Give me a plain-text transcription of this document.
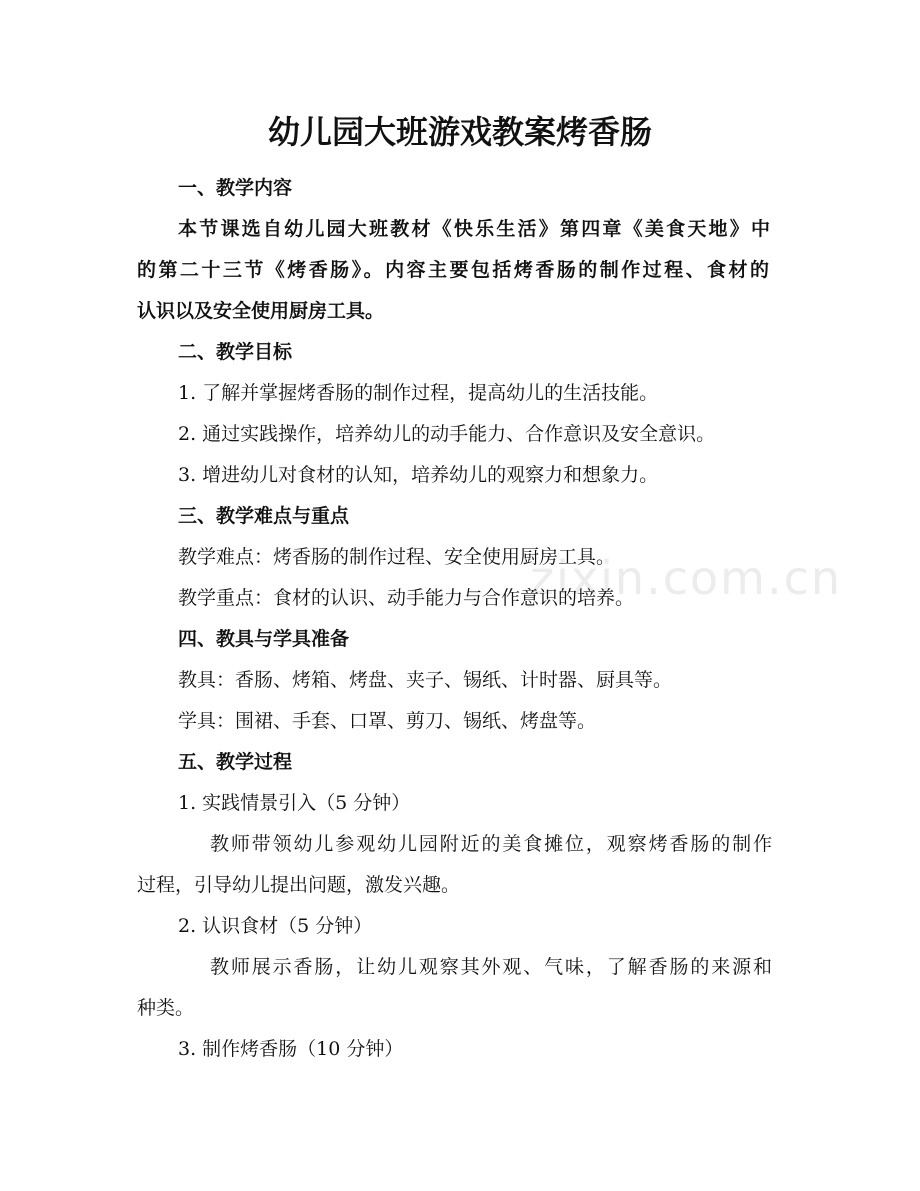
zixin.com.cn
幼儿园大班游戏教案烤香肠
一、教学内容
本节课选自幼儿园大班教材《快乐生活》第四章《美食天地》中
的第二十三节《烤香肠》。内容主要包括烤香肠的制作过程、食材的
认识以及安全使用厨房工具。
二、教学目标
1. 了解并掌握烤香肠的制作过程，提高幼儿的生活技能。
2. 通过实践操作，培养幼儿的动手能力、合作意识及安全意识。
3. 增进幼儿对食材的认知，培养幼儿的观察力和想象力。
三、教学难点与重点
教学难点：烤香肠的制作过程、安全使用厨房工具。
教学重点：食材的认识、动手能力与合作意识的培养。
四、教具与学具准备
教具：香肠、烤箱、烤盘、夹子、锡纸、计时器、厨具等。
学具：围裙、手套、口罩、剪刀、锡纸、烤盘等。
五、教学过程
1. 实践情景引入（5 分钟）
教师带领幼儿参观幼儿园附近的美食摊位，观察烤香肠的制作
过程，引导幼儿提出问题，激发兴趣。
2. 认识食材（5 分钟）
教师展示香肠，让幼儿观察其外观、气味，了解香肠的来源和
种类。
3. 制作烤香肠（10 分钟）
